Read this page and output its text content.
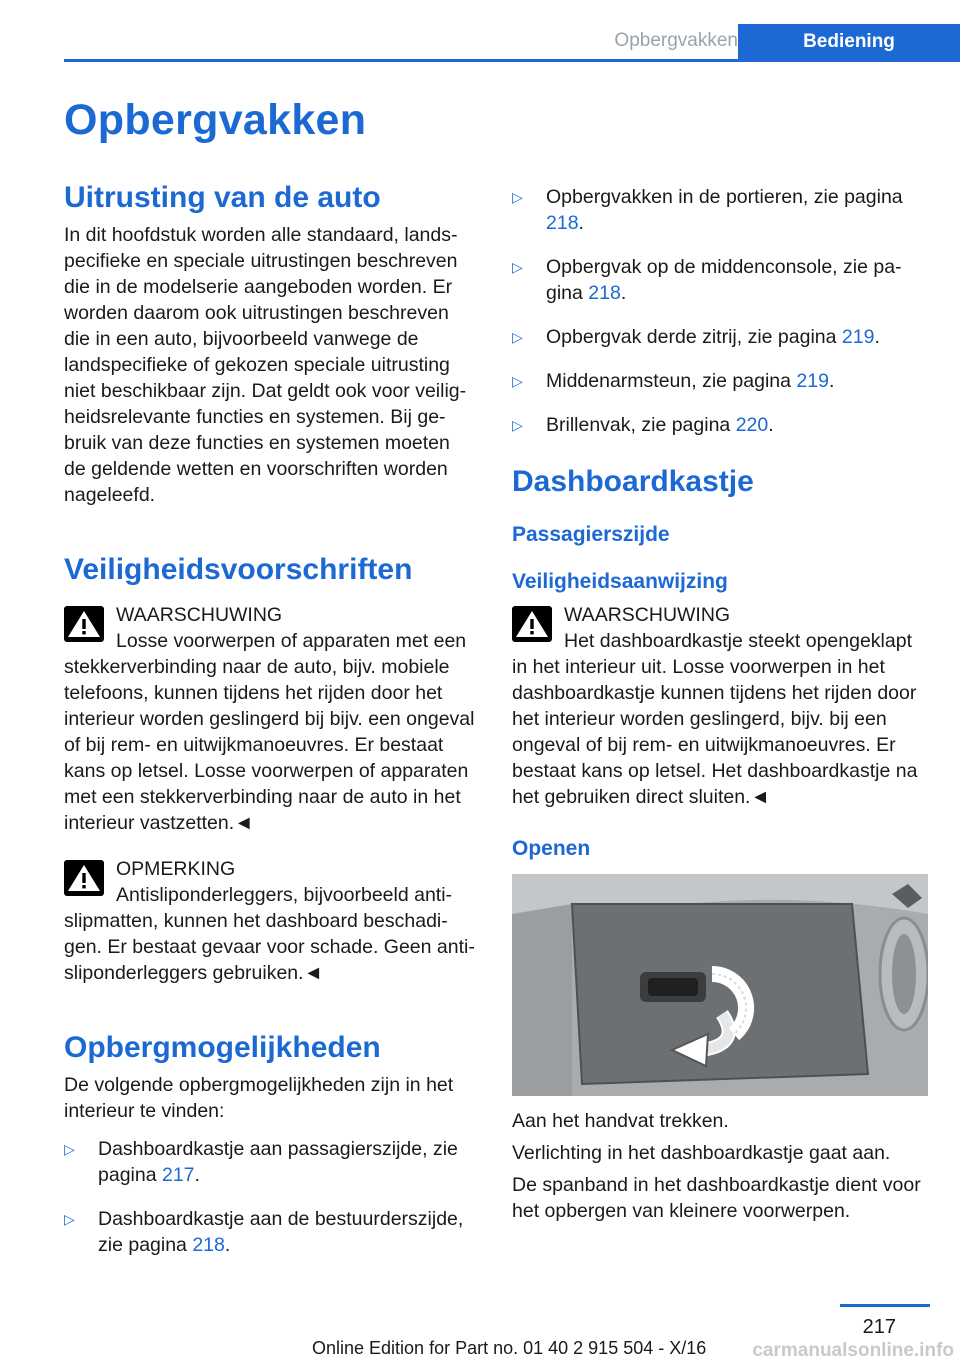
Opbergvakken	Bediening
Opbergvakken
Uitrusting van de auto

In dit hoofdstuk worden alle standaard, landspecifieke en speciale uitrustingen beschreven die in de modelserie aangeboden worden. Er worden daarom ook uitrustingen beschreven die in een auto, bijvoorbeeld vanwege de landspecifieke of gekozen speciale uitrusting niet beschikbaar zijn. Dat geldt ook voor veiligheidsrelevante functies en systemen. Bij gebruik van deze functies en systemen moeten de geldende wetten en voorschriften worden nageleefd.

Veiligheidsvoorschriften
WAARSCHUWING

Losse voorwerpen of apparaten met een stekkerverbinding naar de auto, bijv. mobiele telefoons, kunnen tijdens het rijden door het interieur worden geslingerd bij bijv. een ongeval of bij rem- en uitwijkmanoeuvres. Er bestaat kans op letsel. Losse voorwerpen of apparaten met een stekkerverbinding naar de auto in het interieur vastzetten.◄

OPMERKING

Antisliponderleggers, bijvoorbeeld antislipmatten, kunnen het dashboard beschadigen. Er bestaat gevaar voor schade. Geen antisliponderleggers gebruiken.◄

Opbergmogelijkheden

De volgende opbergmogelijkheden zijn in het interieur te vinden:

▷ Dashboardkastje aan passagierszijde, zie pagina 217.
▷ Dashboardkastje aan de bestuurderszijde, zie pagina 218.
▷ Opbergvakken in de portieren, zie pagina 218.
▷ Opbergvak op de middenconsole, zie pagina 218.
▷ Opbergvak derde zitrij, zie pagina 219.
▷ Middenarmsteun, zie pagina 219.
▷ Brillenvak, zie pagina 220.
Dashboardkastje
Passagierszijde
Veiligheidsaanwijzing
WAARSCHUWING

Het dashboardkastje steekt opengeklapt in het interieur uit. Losse voorwerpen in het dashboardkastje kunnen tijdens het rijden door het interieur worden geslingerd, bijv. bij een ongeval of bij rem- en uitwijkmanoeuvres. Er bestaat kans op letsel. Het dashboardkastje na het gebruiken direct sluiten.◄

Openen

Aan het handvat trekken.

Verlichting in het dashboardkastje gaat aan.

De spanband in het dashboardkastje dient voor het opbergen van kleinere voorwerpen.

217
Online Edition for Part no. 01 40 2 915 504 - X/16 carmanualsonline.info
